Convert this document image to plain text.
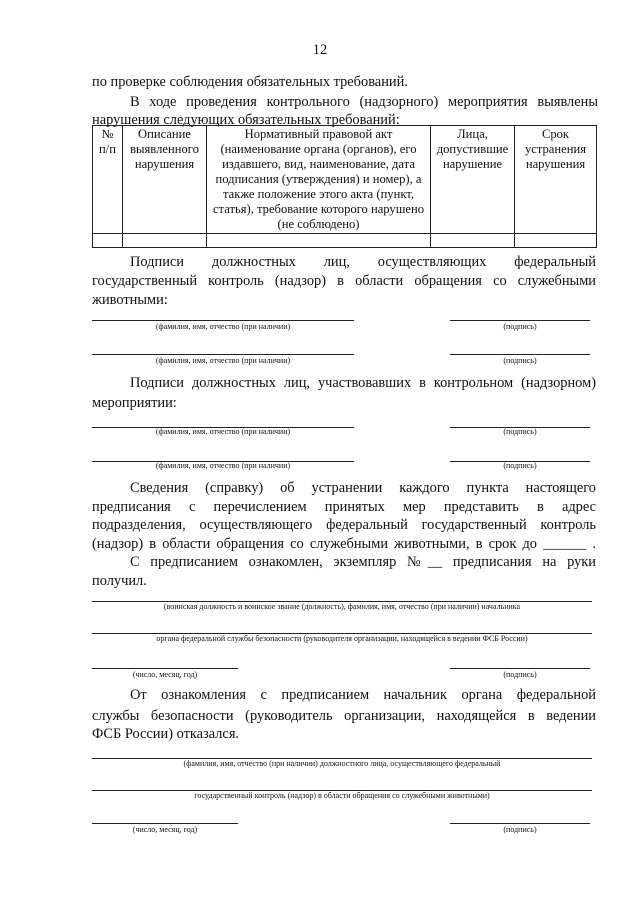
12
по проверке соблюдения обязательных требований.
В ходе проведения контрольного (надзорного) мероприятия выявлены
нарушения следующих обязательных требований:
№ п/п	Описание выявленного нарушения	Нормативный правовой акт (наименование органа (органов), его издавшего, вид, наименование, дата подписания (утверждения) и номер), а также положение этого акта (пункт, статья), требование которого нарушено (не соблюдено)	Лица, допустившие нарушение	Срок устранения нарушения

Подписи должностных лиц, осуществляющих федеральный
государственный контроль (надзор) в области обращения со служебными
животными:
(фамилия, имя, отчество (при наличии)	(подпись)
(фамилия, имя, отчество (при наличии)	(подпись)
Подписи должностных лиц, участвовавших в контрольном (надзорном)
мероприятии:
(фамилия, имя, отчество (при наличии)	(подпись)
(фамилия, имя, отчество (при наличии)	(подпись)
Сведения (справку) об устранении каждого пункта настоящего
предписания с перечислением принятых мер представить в адрес
подразделения, осуществляющего федеральный государственный контроль
(надзор) в области обращения со служебными животными, в срок до ______ .
С предписанием ознакомлен, экземпляр №__ предписания на руки
получил.
(воинская должность и воинское звание (должность), фамилия, имя, отчество (при наличии) начальника
органа федеральной службы безопасности (руководителя организации, находящейся в ведении ФСБ России)
(число, месяц, год)	(подпись)
От ознакомления с предписанием начальник органа федеральной
службы безопасности (руководитель организации, находящейся в ведении
ФСБ России) отказался.
(фамилия, имя, отчество (при наличии) должностного лица, осуществляющего федеральный
государственный контроль (надзор) в области обращения со служебными животными)
(число, месяц, год)	(подпись)
